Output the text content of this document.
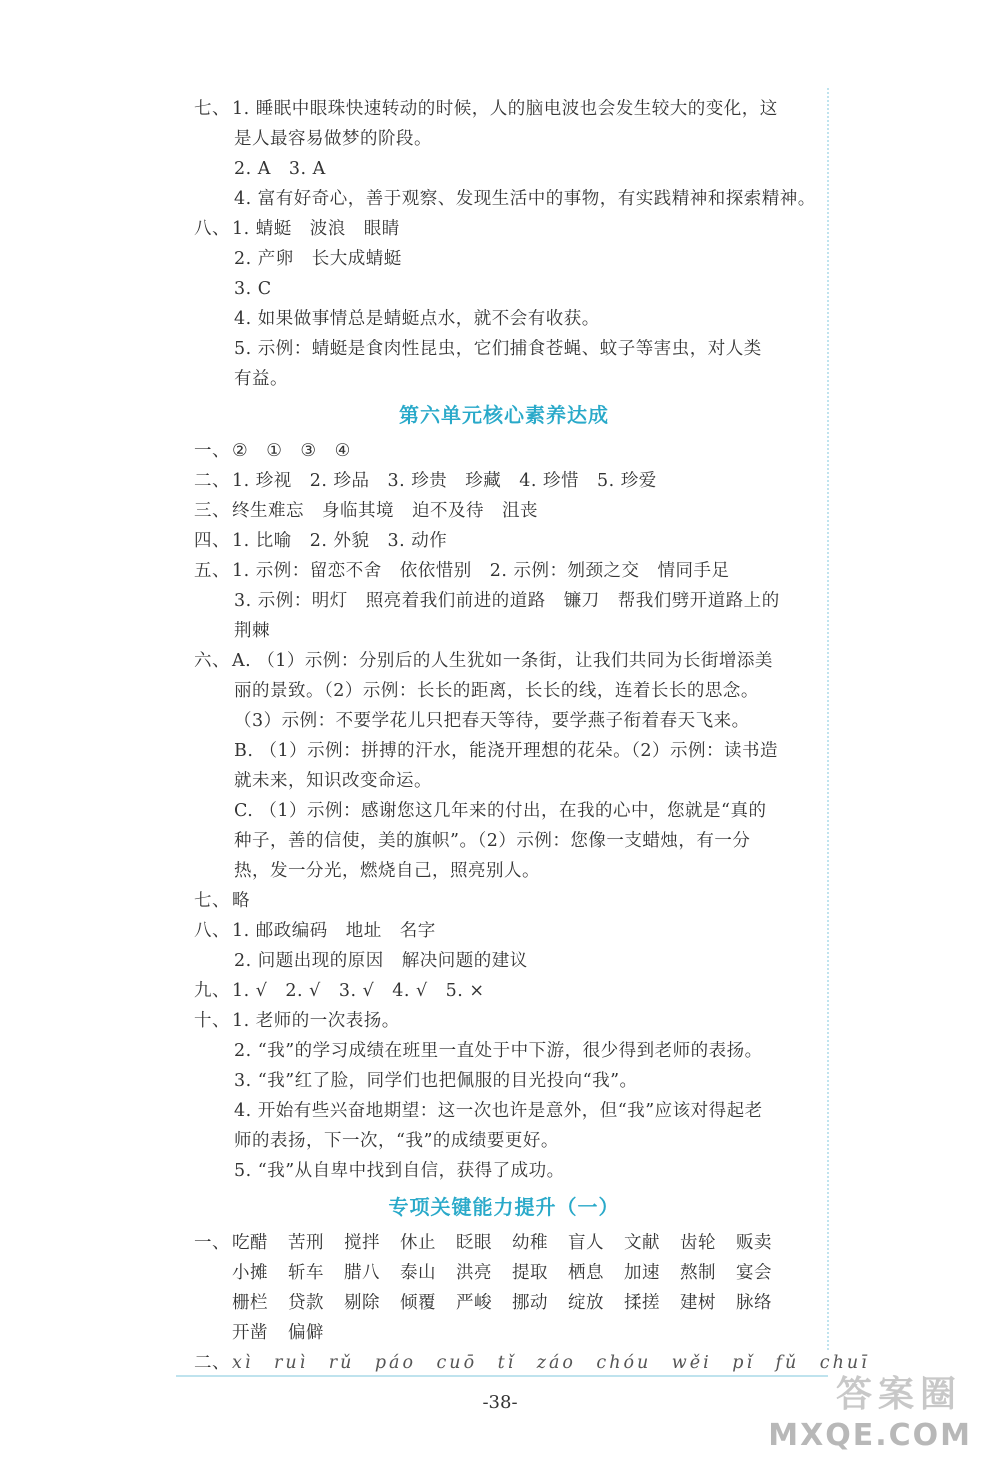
七、 1. 睡眠中眼珠快速转动的时候，人的脑电波也会发生较大的变化，这
是人最容易做梦的阶段。
2. A　3. A
4. 富有好奇心，善于观察、发现生活中的事物，有实践精神和探索精神。
八、 1. 蜻蜓　波浪　眼睛
2. 产卵　长大成蜻蜓
3. C
4. 如果做事情总是蜻蜓点水，就不会有收获。
5. 示例：蜻蜓是食肉性昆虫，它们捕食苍蝇、蚊子等害虫，对人类
有益。
第六单元核心素养达成
一、 ②　①　③　④
二、 1. 珍视　2. 珍品　3. 珍贵　珍藏　4. 珍惜　5. 珍爱
三、 终生难忘　身临其境　迫不及待　沮丧
四、 1. 比喻　2. 外貌　3. 动作
五、 1. 示例：留恋不舍　依依惜别　2. 示例：刎颈之交　情同手足
3. 示例：明灯　照亮着我们前进的道路　镰刀　帮我们劈开道路上的
荆棘
六、 A. （1）示例：分别后的人生犹如一条街，让我们共同为长街增添美
丽的景致。（2）示例：长长的距离，长长的线，连着长长的思念。
（3）示例：不要学花儿只把春天等待，要学燕子衔着春天飞来。
B. （1）示例：拼搏的汗水，能浇开理想的花朵。（2）示例：读书造
就未来，知识改变命运。
C. （1）示例：感谢您这几年来的付出，在我的心中，您就是“真的
种子，善的信使，美的旗帜”。（2）示例：您像一支蜡烛，有一分
热，发一分光，燃烧自己，照亮别人。
七、 略
八、 1. 邮政编码　地址　名字
2. 问题出现的原因　解决问题的建议
九、 1. √　2. √　3. √　4. √　5. ×
十、 1. 老师的一次表扬。
2. “我”的学习成绩在班里一直处于中下游，很少得到老师的表扬。
3. “我”红了脸，同学们也把佩服的目光投向“我”。
4. 开始有些兴奋地期望：这一次也许是意外，但“我”应该对得起老
师的表扬，下一次，“我”的成绩要更好。
5. “我”从自卑中找到自信，获得了成功。
专项关键能力提升（一）
一、 吃醋 苦刑 搅拌 休止 眨眼 幼稚 盲人 文献 齿轮 贩卖
小摊 斩车 腊八 泰山 洪亮 提取 栖息 加速 熬制 宴会
栅栏 贷款 剔除 倾覆 严峻 挪动 绽放 揉搓 建树 脉络
开凿 偏僻
二、 xì　ruì　rǔ　páo　cuō　tǐ　záo　chóu　wěi　pǐ　fǔ　chuī
-38-	答案圈
MXQE.COM
